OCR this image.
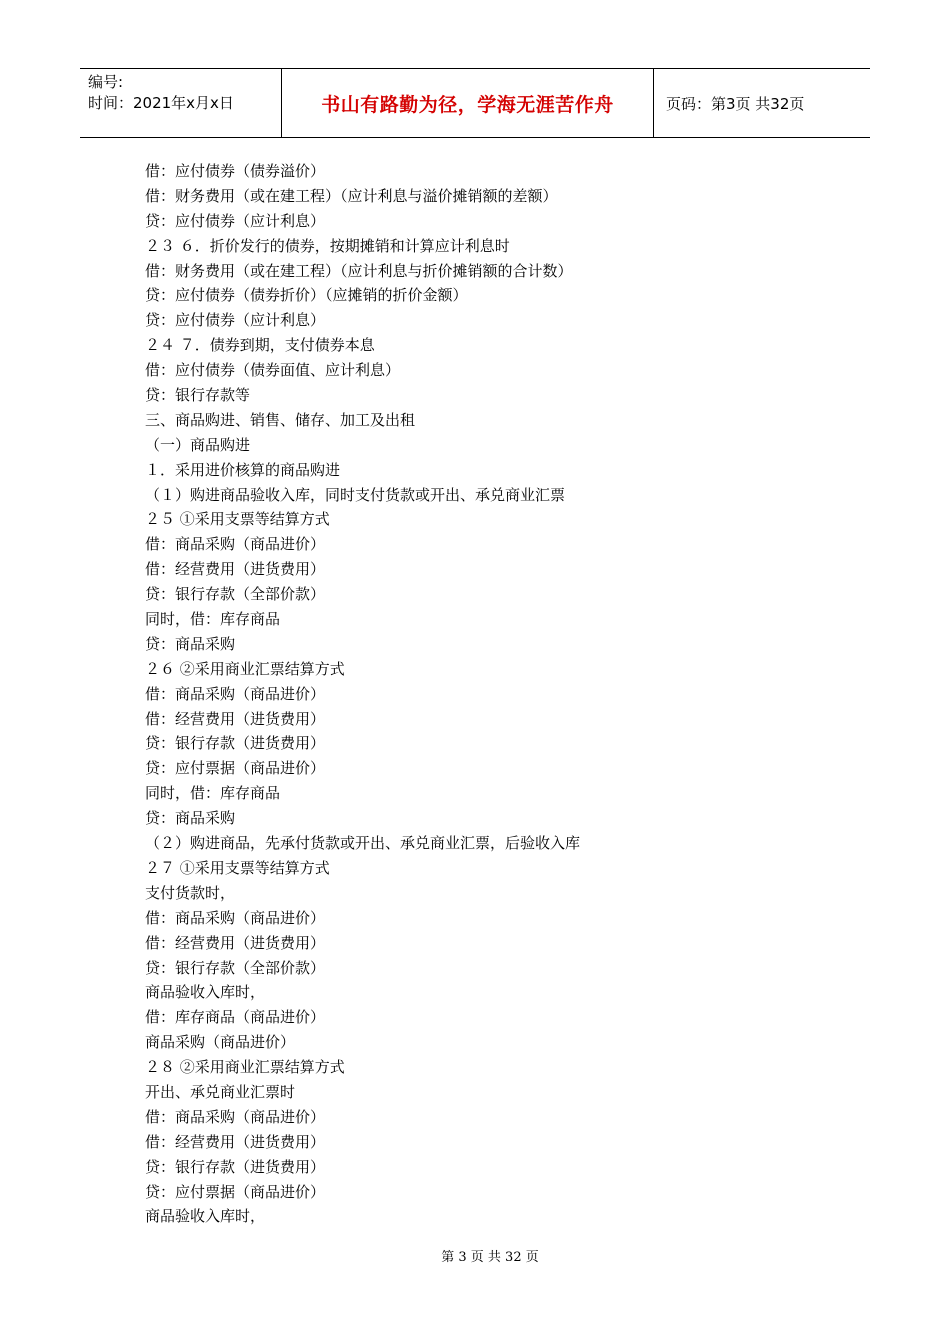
编号:
时间：2021年x月x日	书山有路勤为径，学海无涯苦作舟	页码：第3页 共32页
借：应付债券（债券溢价）
借：财务费用（或在建工程）（应计利息与溢价摊销额的差额）
贷：应付债券（应计利息）
２３ ６．折价发行的债券，按期摊销和计算应计利息时
借：财务费用（或在建工程）（应计利息与折价摊销额的合计数）
贷：应付债券（债券折价）（应摊销的折价金额）
贷：应付债券（应计利息）
２４ ７．债券到期，支付债券本息
借：应付债券（债券面值、应计利息）
贷：银行存款等
三、商品购进、销售、储存、加工及出租
（一）商品购进
１．采用进价核算的商品购进
（１）购进商品验收入库，同时支付货款或开出、承兑商业汇票
２５ ①采用支票等结算方式
借：商品采购（商品进价）
借：经营费用（进货费用）
贷：银行存款（全部价款）
同时，借：库存商品
贷：商品采购
２６ ②采用商业汇票结算方式
借：商品采购（商品进价）
借：经营费用（进货费用）
贷：银行存款（进货费用）
贷：应付票据（商品进价）
同时，借：库存商品
贷：商品采购
（２）购进商品，先承付货款或开出、承兑商业汇票，后验收入库
２７ ①采用支票等结算方式
支付货款时，
借：商品采购（商品进价）
借：经营费用（进货费用）
贷：银行存款（全部价款）
商品验收入库时，
借：库存商品（商品进价）
商品采购（商品进价）
２８ ②采用商业汇票结算方式
开出、承兑商业汇票时
借：商品采购（商品进价）
借：经营费用（进货费用）
贷：银行存款（进货费用）
贷：应付票据（商品进价）
商品验收入库时，
第 3 页 共 32 页
